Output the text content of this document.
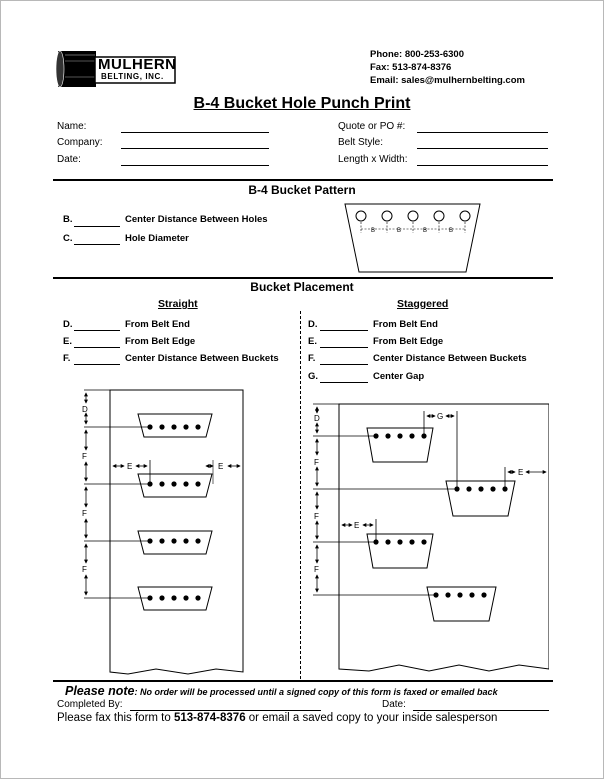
MULHERN
BELTING, INC.
Phone: 800-253-6300
Fax: 513-874-8376
Email: sales@mulhernbelting.com
B-4 Bucket Hole Punch Print
Name:
Company:
Date:
Quote or PO #:
Belt Style:
Length x Width:
B-4 Bucket Pattern
B.	Center Distance Between Holes
C.	Hole Diameter
B	B	B	B
Bucket Placement
Straight	Staggered
D.	From Belt End
E.	From Belt Edge
F.	Center Distance Between Buckets
D.	From Belt End
E.	From Belt Edge
F.	Center Distance Between Buckets
G.	Center Gap
D
F
F
F
E	E
D
F
F
F
G
E
E
Please note: No order will be processed until a signed copy of this form is faxed or emailed back
Completed By:	Date:
Please fax this form to 513-874-8376 or email a saved copy to your inside salesperson
